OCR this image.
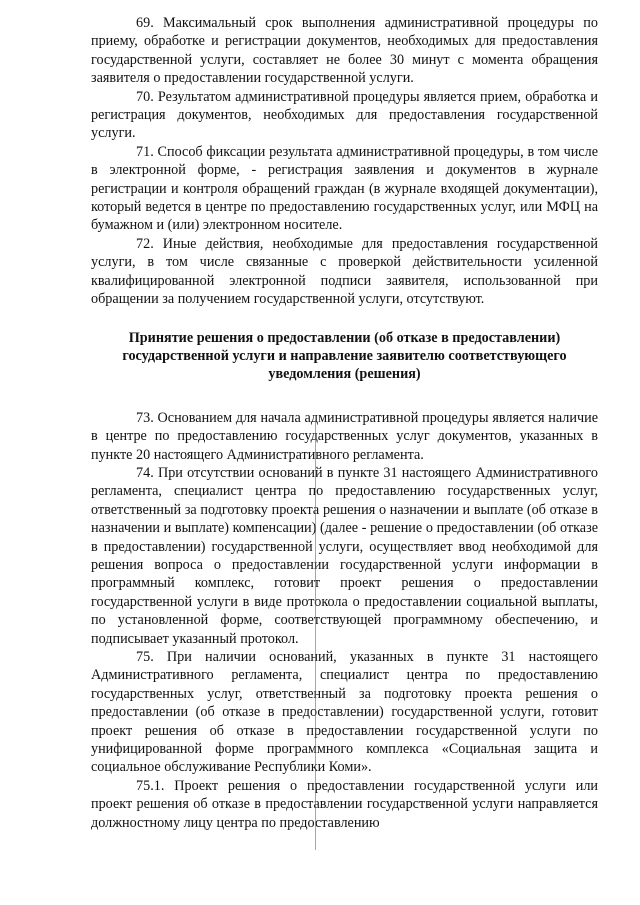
69. Максимальный срок выполнения административной процедуры по приему, обработке и регистрации документов, необходимых для предоставления государственной услуги, составляет не более 30 минут с момента обращения заявителя о предоставлении государственной услуги.

70. Результатом административной процедуры является прием, обработка и регистрация документов, необходимых для предоставления государственной услуги.

71. Способ фиксации результата административной процедуры, в том числе в электронной форме, - регистрация заявления и документов в журнале регистрации и контроля обращений граждан (в журнале входящей документации), который ведется в центре по предоставлению государственных услуг, или МФЦ на бумажном и (или) электронном носителе.

72. Иные действия, необходимые для предоставления государственной услуги, в том числе связанные с проверкой действительности усиленной квалифицированной электронной подписи заявителя, использованной при обращении за получением государственной услуги, отсутствуют.

Принятие решения о предоставлении (об отказе в предоставлении) государственной услуги и направление заявителю соответствующего уведомления (решения)

73. Основанием для начала административной процедуры является наличие в центре по предоставлению государственных услуг документов, указанных в пункте 20 настоящего Административного регламента.

74. При отсутствии оснований в пункте 31 настоящего Административного регламента, специалист центра по предоставлению государственных услуг, ответственный за подготовку проекта решения о назначении и выплате (об отказе в назначении и выплате) компенсации) (далее - решение о предоставлении (об отказе в предоставлении) государственной услуги, осуществляет ввод необходимой для решения вопроса о предоставлении государственной услуги информации в программный комплекс, готовит проект решения о предоставлении государственной услуги в виде протокола о предоставлении социальной выплаты, по установленной форме, соответствующей программному обеспечению, и подписывает указанный протокол.

75. При наличии оснований, указанных в пункте 31 настоящего Административного регламента, специалист центра по предоставлению государственных услуг, ответственный за подготовку проекта решения о предоставлении (об отказе в предоставлении) государственной услуги, готовит проект решения об отказе в предоставлении государственной услуги по унифицированной форме программного комплекса «Социальная защита и социальное обслуживание Республики Коми».

75.1. Проект решения о предоставлении государственной услуги или проект решения об отказе в предоставлении государственной услуги направляется должностному лицу центра по предоставлению
